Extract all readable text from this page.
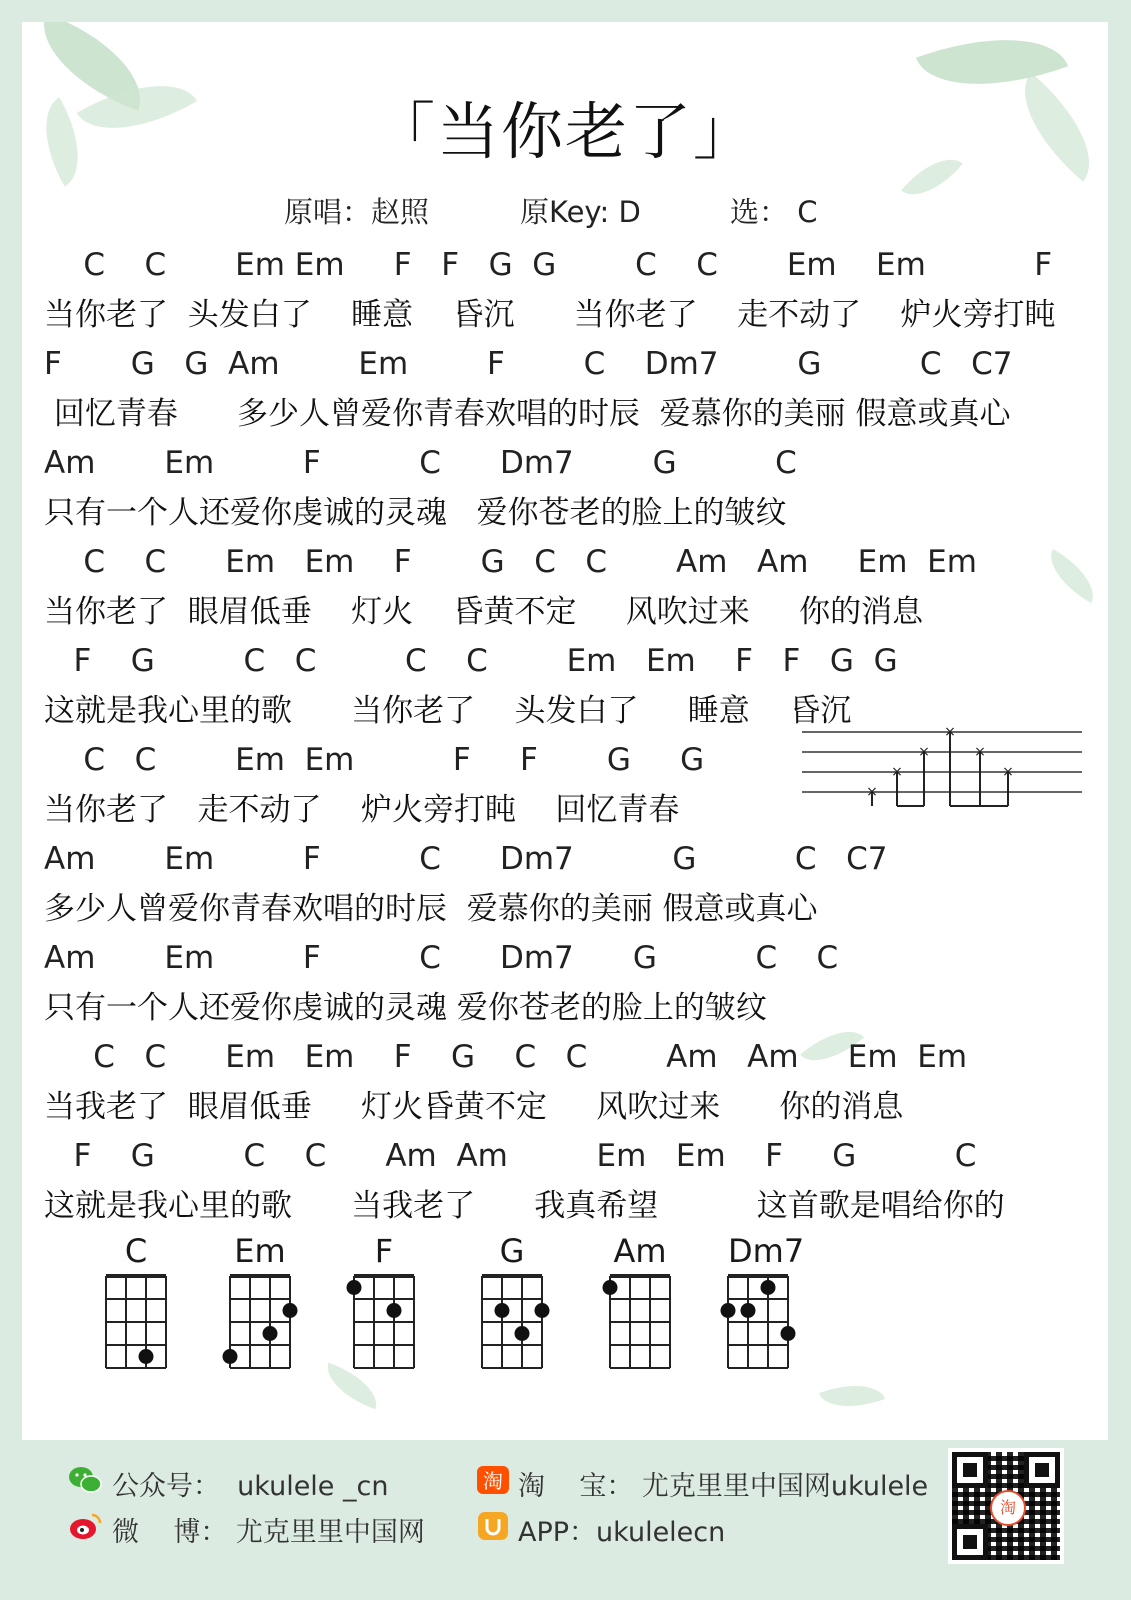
「当你老了」
原唱：赵照	原Key: D	选： C
C    C       Em Em     F   F   G  G        C    C       Em    Em           F
当你老了  头发白了    睡意    昏沉      当你老了    走不动了    炉火旁打盹
F       G   G  Am        Em        F        C    Dm7        G          C   C7
回忆青春      多少人曾爱你青春欢唱的时辰  爱慕你的美丽 假意或真心
Am       Em         F          C      Dm7        G          C
只有一个人还爱你虔诚的灵魂   爱你苍老的脸上的皱纹
C    C      Em   Em    F       G   C   C       Am   Am     Em  Em
当你老了  眼眉低垂    灯火    昏黄不定     风吹过来     你的消息
F    G         C   C         C    C        Em   Em    F   F   G  G
这就是我心里的歌      当你老了    头发白了     睡意    昏沉
C   C        Em  Em          F     F       G     G
当你老了   走不动了    炉火旁打盹    回忆青春
Am       Em         F          C      Dm7          G          C   C7
多少人曾爱你青春欢唱的时辰  爱慕你的美丽 假意或真心
Am       Em         F          C      Dm7      G          C    C
只有一个人还爱你虔诚的灵魂 爱你苍老的脸上的皱纹
C   C      Em   Em    F    G    C   C        Am   Am     Em  Em
当我老了  眼眉低垂     灯火昏黄不定     风吹过来      你的消息
F    G         C    C      Am  Am         Em   Em    F     G          C
这就是我心里的歌      当我老了      我真希望          这首歌是唱给你的
×
×
×
×
×
×
C	Em	F	G	Am Dm7
公众号：  ukulele _cn
微    博： 尤克里里中国网
淘 淘    宝： 尤克里里中国网ukulele
APP：ukulelecn
淘
